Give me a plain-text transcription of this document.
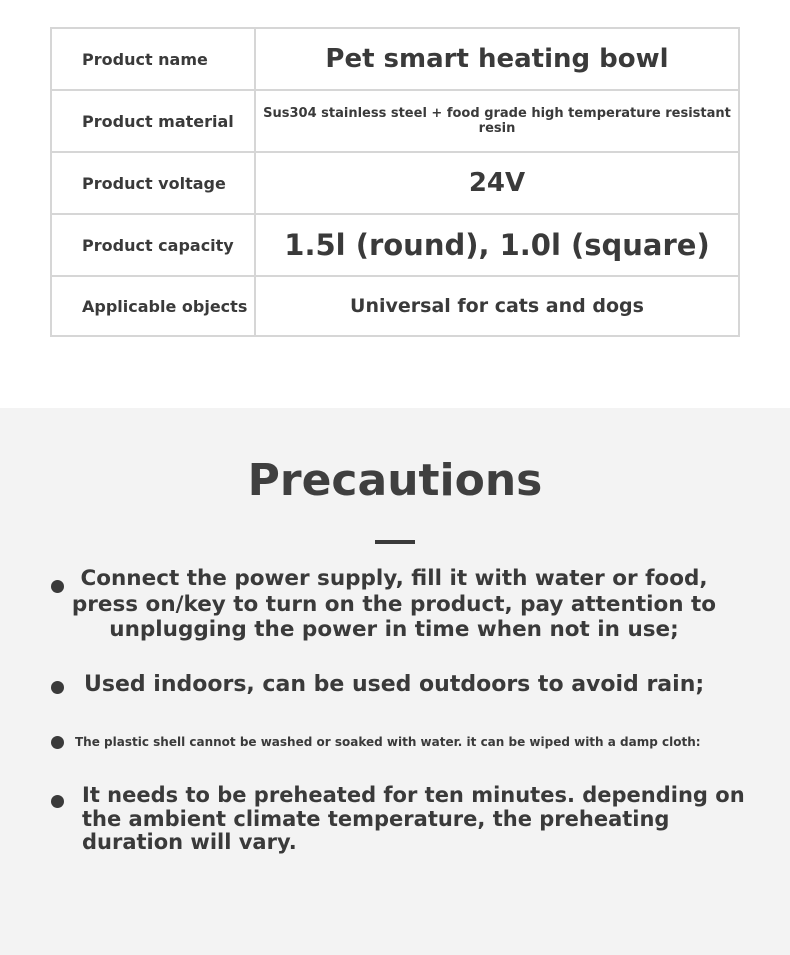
Product name	Pet smart heating bowl
Product material	Sus304 stainless steel + food grade high temperature resistant resin
Product voltage	24V
Product capacity	1.5l (round), 1.0l (square)
Applicable objects	Universal for cats and dogs
Precautions
Connect the power supply, fill it with water or food, press on/key to turn on the product, pay attention to unplugging the power in time when not in use;
Used indoors, can be used outdoors to avoid rain;
The plastic shell cannot be washed or soaked with water. it can be wiped with a damp cloth:
It needs to be preheated for ten minutes. depending on the ambient climate temperature, the preheating duration will vary.
